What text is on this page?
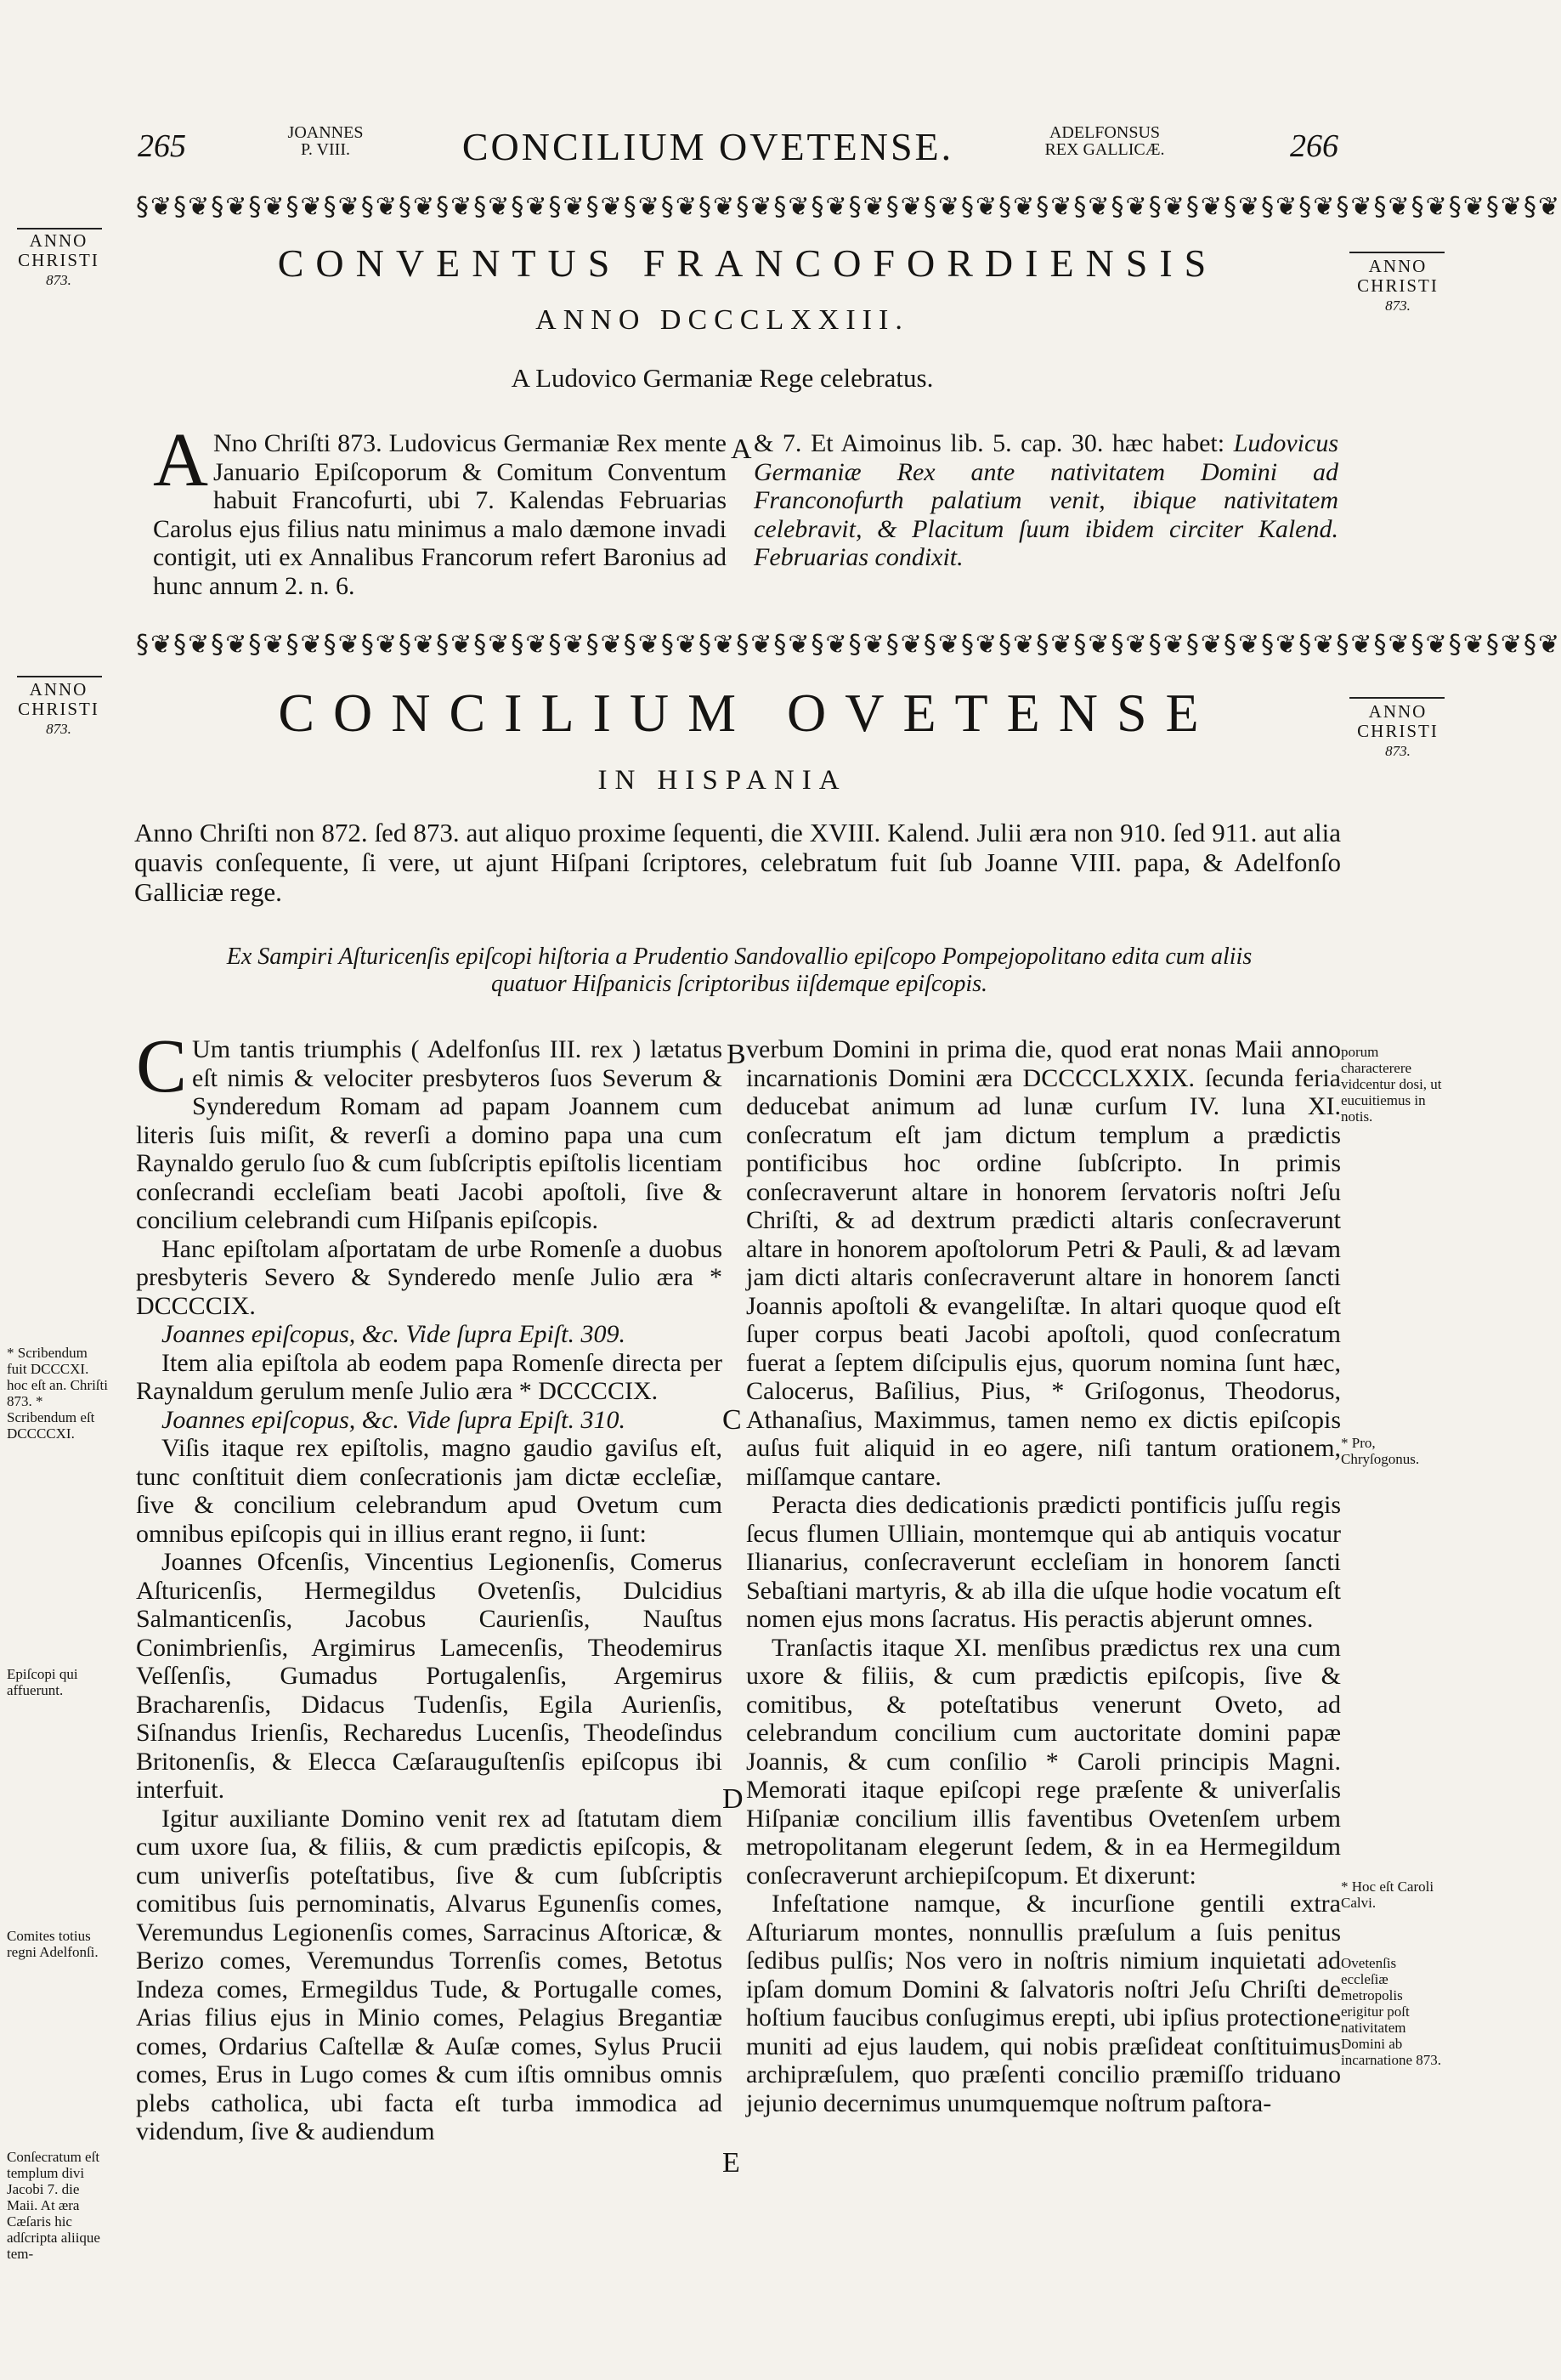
265	JOANNES
P. VIII.	CONCILIUM OVETENSE.	ADELFONSUS
REX GALLICÆ.	266
§❦§❦§❦§❦§❦§❦§❦§❦§❦§❦§❦§❦§❦§❦§❦§❦§❦§❦§❦§❦§❦§❦§❦§❦§❦§❦§❦§❦§❦§❦§❦§❦§❦§❦§❦§❦§❦§❦
ANNO
CHRISTI
873.
ANNO
CHRISTI
873.
CONVENTUS FRANCOFORDIENSIS
ANNO DCCCLXXIII.
A Ludovico Germaniæ Rege celebratus.
A Nno Chriſti 873. Ludovicus Germaniæ Rex mente Januario Epiſcoporum & Comitum Conventum habuit Francofurti, ubi 7. Kalendas Februarias Carolus ejus filius natu minimus a malo dæmone invadi contigit, uti ex Annalibus Francorum refert Baronius ad hunc annum 2. n. 6.
A & 7. Et Aimoinus lib. 5. cap. 30. hæc habet: Ludovicus Germaniæ Rex ante nativitatem Domini ad Franconofurth palatium venit, ibique nativitatem celebravit, & Placitum ſuum ibidem circiter Kalend. Februarias condixit.
§❦§❦§❦§❦§❦§❦§❦§❦§❦§❦§❦§❦§❦§❦§❦§❦§❦§❦§❦§❦§❦§❦§❦§❦§❦§❦§❦§❦§❦§❦§❦§❦§❦§❦§❦§❦§❦§❦
ANNO
CHRISTI
873.
ANNO
CHRISTI
873.
CONCILIUM OVETENSE
IN HISPANIA
Anno Chriſti non 872. ſed 873. aut aliquo proxime ſequenti, die XVIII. Kalend. Julii æra non 910. ſed 911. aut alia quavis conſequente, ſi vere, ut ajunt Hiſpani ſcriptores, celebratum fuit ſub Joanne VIII. papa, & Adelfonſo Galliciæ rege.
Ex Sampiri Aſturicenſis epiſcopi hiſtoria a Prudentio Sandovallio epiſcopo Pompejopolitano edita cum aliis quatuor Hiſpanicis ſcriptoribus iiſdemque epiſcopis.

C Um tantis triumphis ( Adelfonſus III. rex ) lætatus eſt nimis & velociter presbyteros ſuos Severum & Synderedum Romam ad papam Joannem cum literis ſuis miſit, & reverſi a domino papa una cum Raynaldo gerulo ſuo & cum ſubſcriptis epiſtolis licentiam conſecrandi eccleſiam beati Jacobi apoſtoli, ſive & concilium celebrandi cum Hiſpanis epiſcopis.

Hanc epiſtolam aſportatam de urbe Romenſe a duobus presbyteris Severo & Synderedo menſe Julio æra * DCCCCIX.

Joannes epiſcopus, &c. Vide ſupra Epiſt. 309.

Item alia epiſtola ab eodem papa Romenſe directa per Raynaldum gerulum menſe Julio æra * DCCCCIX.

Joannes epiſcopus, &c. Vide ſupra Epiſt. 310.

Viſis itaque rex epiſtolis, magno gaudio gaviſus eſt, tunc conſtituit diem conſecrationis jam dictæ eccleſiæ, ſive & concilium celebrandum apud Ovetum cum omnibus epiſcopis qui in illius erant regno, ii ſunt:

Joannes Ofcenſis, Vincentius Legionenſis, Comerus Aſturicenſis, Hermegildus Ovetenſis, Dulcidius Salmanticenſis, Jacobus Caurienſis, Nauſtus Conimbrienſis, Argimirus Lamecenſis, Theodemirus Veſſenſis, Gumadus Portugalenſis, Argemirus Bracharenſis, Didacus Tudenſis, Egila Aurienſis, Siſnandus Irienſis, Recharedus Lucenſis, Theodeſindus Britonenſis, & Elecca Cæſarauguſtenſis epiſcopus ibi interfuit.

Igitur auxiliante Domino venit rex ad ſtatutam diem cum uxore ſua, & filiis, & cum prædictis epiſcopis, & cum univerſis poteſtatibus, ſive & cum ſubſcriptis comitibus ſuis pernominatis, Alvarus Egunenſis comes, Veremundus Legionenſis comes, Sarracinus Aſtoricæ, & Berizo comes, Veremundus Torrenſis comes, Betotus Indeza comes, Ermegildus Tude, & Portugalle comes, Arias filius ejus in Minio comes, Pelagius Bregantiæ comes, Ordarius Caſtellæ & Auſæ comes, Sylus Prucii comes, Erus in Lugo comes & cum iſtis omnibus omnis plebs catholica, ubi facta eſt turba immodica ad videndum, ſive & audiendum

verbum Domini in prima die, quod erat nonas Maii anno incarnationis Domini æra DCCCCLXXIX. ſecunda feria deducebat animum ad lunæ curſum IV. luna XI. conſecratum eſt jam dictum templum a prædictis pontificibus hoc ordine ſubſcripto. In primis conſecraverunt altare in honorem ſervatoris noſtri Jeſu Chriſti, & ad dextrum prædicti altaris conſecraverunt altare in honorem apoſtolorum Petri & Pauli, & ad lævam jam dicti altaris conſecraverunt altare in honorem ſancti Joannis apoſtoli & evangeliſtæ. In altari quoque quod eſt ſuper corpus beati Jacobi apoſtoli, quod conſecratum fuerat a ſeptem diſcipulis ejus, quorum nomina ſunt hæc, Calocerus, Baſilius, Pius, * Griſogonus, Theodorus, Athanaſius, Maximmus, tamen nemo ex dictis epiſcopis auſus fuit aliquid in eo agere, niſi tantum orationem, miſſamque cantare.

Peracta dies dedicationis prædicti pontificis juſſu regis ſecus flumen Ulliain, montemque qui ab antiquis vocatur Ilianarius, conſecraverunt eccleſiam in honorem ſancti Sebaſtiani martyris, & ab illa die uſque hodie vocatum eſt nomen ejus mons ſacratus. His peractis abjerunt omnes.

Tranſactis itaque XI. menſibus prædictus rex una cum uxore & filiis, & cum prædictis epiſcopis, ſive & comitibus, & poteſtatibus venerunt Oveto, ad celebrandum concilium cum auctoritate domini papæ Joannis, & cum conſilio * Caroli principis Magni. Memorati itaque epiſcopi rege præſente & univerſalis Hiſpaniæ concilium illis faventibus Ovetenſem urbem metropolitanam elegerunt ſedem, & in ea Hermegildum conſecraverunt archiepiſcopum. Et dixerunt:

Infeſtatione namque, & incurſione gentili extra Aſturiarum montes, nonnullis præſulum a ſuis penitus ſedibus pulſis; Nos vero in noſtris nimium inquietati ad ipſam domum Domini & ſalvatoris noſtri Jeſu Chriſti de hoſtium faucibus conſugimus erepti, ubi ipſius protectione muniti ad ejus laudem, qui nobis præſideat conſtituimus archipræſulem, quo præſenti concilio præmiſſo triduano jejunio decernimus unumquemque noſtrum paſtora-

B
C
D
E
* Scribendum fuit DCCCXI. hoc eſt an. Chriſti 873. * Scribendum eſt DCCCCXI.
Epiſcopi qui affuerunt.
Comites totius regni Adelfonſi.
Conſecratum eſt templum divi Jacobi 7. die Maii. At æra Cæſaris hic adſcripta aliique tem-
porum characterere vidcentur dosi, ut eucuitiemus in notis.
* Pro, Chryſogonus.
* Hoc eſt Caroli Calvi.
Ovetenſis eccleſiæ metropolis erigitur poſt nativitatem Domini ab incarnatione 873.
